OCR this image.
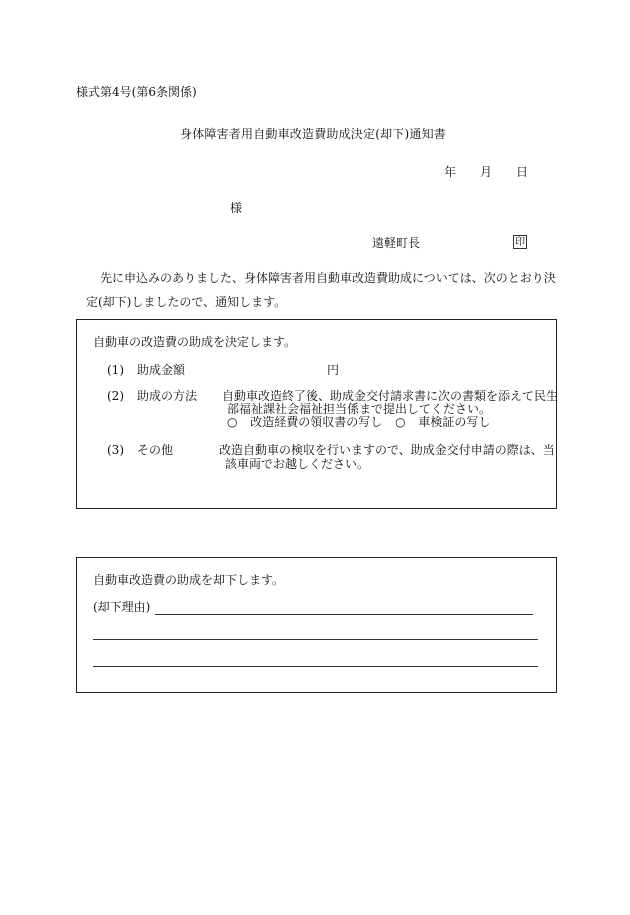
様式第4号(第6条関係)
身体障害者用自動車改造費助成決定(却下)通知書
年 月 日
様
遠軽町長	印
先に申込みのありました、身体障害者用自動車改造費助成については、次のとおり決
定(却下)しましたので、通知します。
自動車の改造費の助成を決定します。
(1) 助成金額	円
(2) 助成の方法 自動車改造終了後、助成金交付請求書に次の書類を添えて民生
部福祉課社会福祉担当係まで提出してください。
○ 改造経費の領収書の写し ○ 車検証の写し
(3) その他	改造自動車の検収を行いますので、助成金交付申請の際は、当
該車両でお越しください。
自動車改造費の助成を却下します。
(却下理由)
